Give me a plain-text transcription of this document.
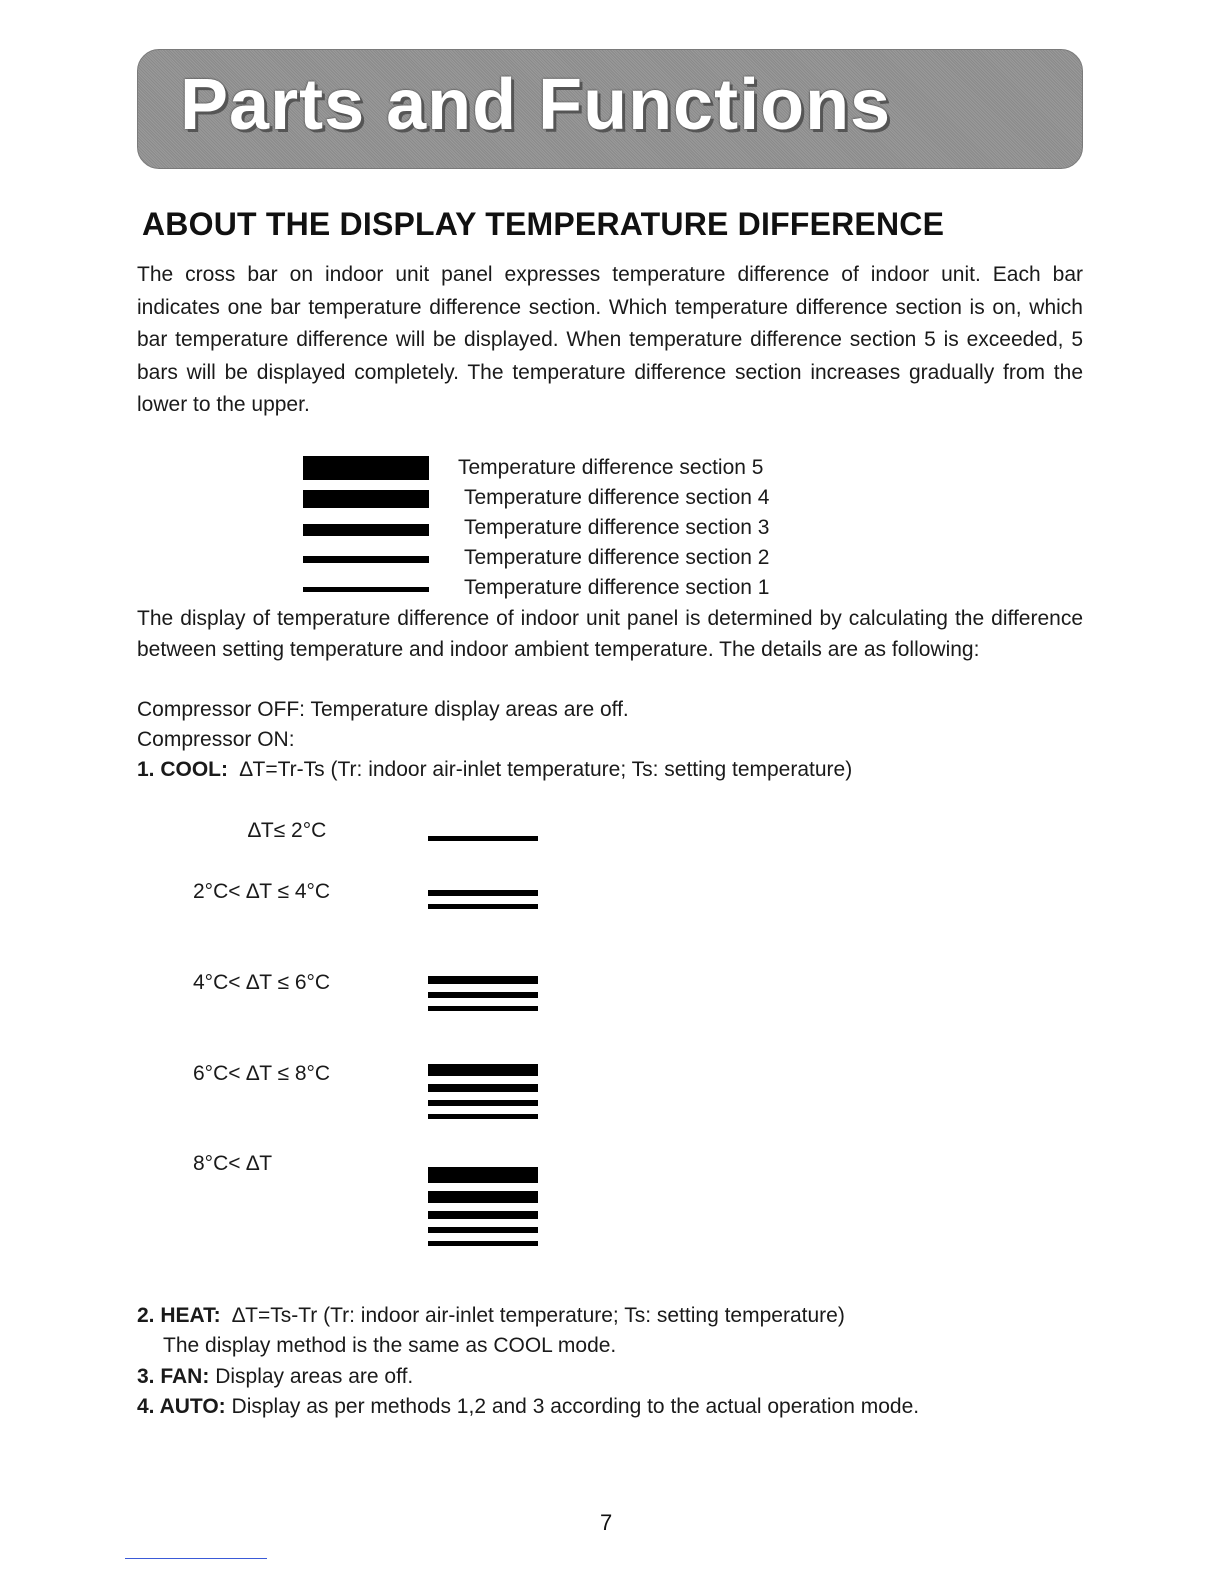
Parts and Functions
ABOUT THE DISPLAY TEMPERATURE DIFFERENCE
The cross bar on indoor unit panel expresses temperature difference of indoor unit. Each bar indicates one bar temperature difference section. Which temperature difference section is on, which bar temperature difference will be displayed. When temperature difference section 5 is exceeded, 5 bars will be displayed completely. The temperature difference section increases gradually from the lower to the upper.
Temperature difference section 5
Temperature difference section 4
Temperature difference section 3
Temperature difference section 2
Temperature difference section 1
The display of temperature difference of indoor unit panel is determined by calculating the difference between setting temperature and indoor ambient temperature. The details are as following:
Compressor OFF: Temperature display areas are off.
Compressor ON:
1. COOL: ∆T=Tr-Ts (Tr: indoor air-inlet temperature; Ts: setting temperature)
∆T≤ 2°C
2°C< ∆T ≤ 4°C
4°C< ∆T ≤ 6°C
6°C< ∆T ≤ 8°C
8°C< ∆T
2. HEAT: ∆T=Ts-Tr (Tr: indoor air-inlet temperature; Ts: setting temperature)
The display method is the same as COOL mode.
3. FAN: Display areas are off.
4. AUTO: Display as per methods 1,2 and 3 according to the actual operation mode.
7
